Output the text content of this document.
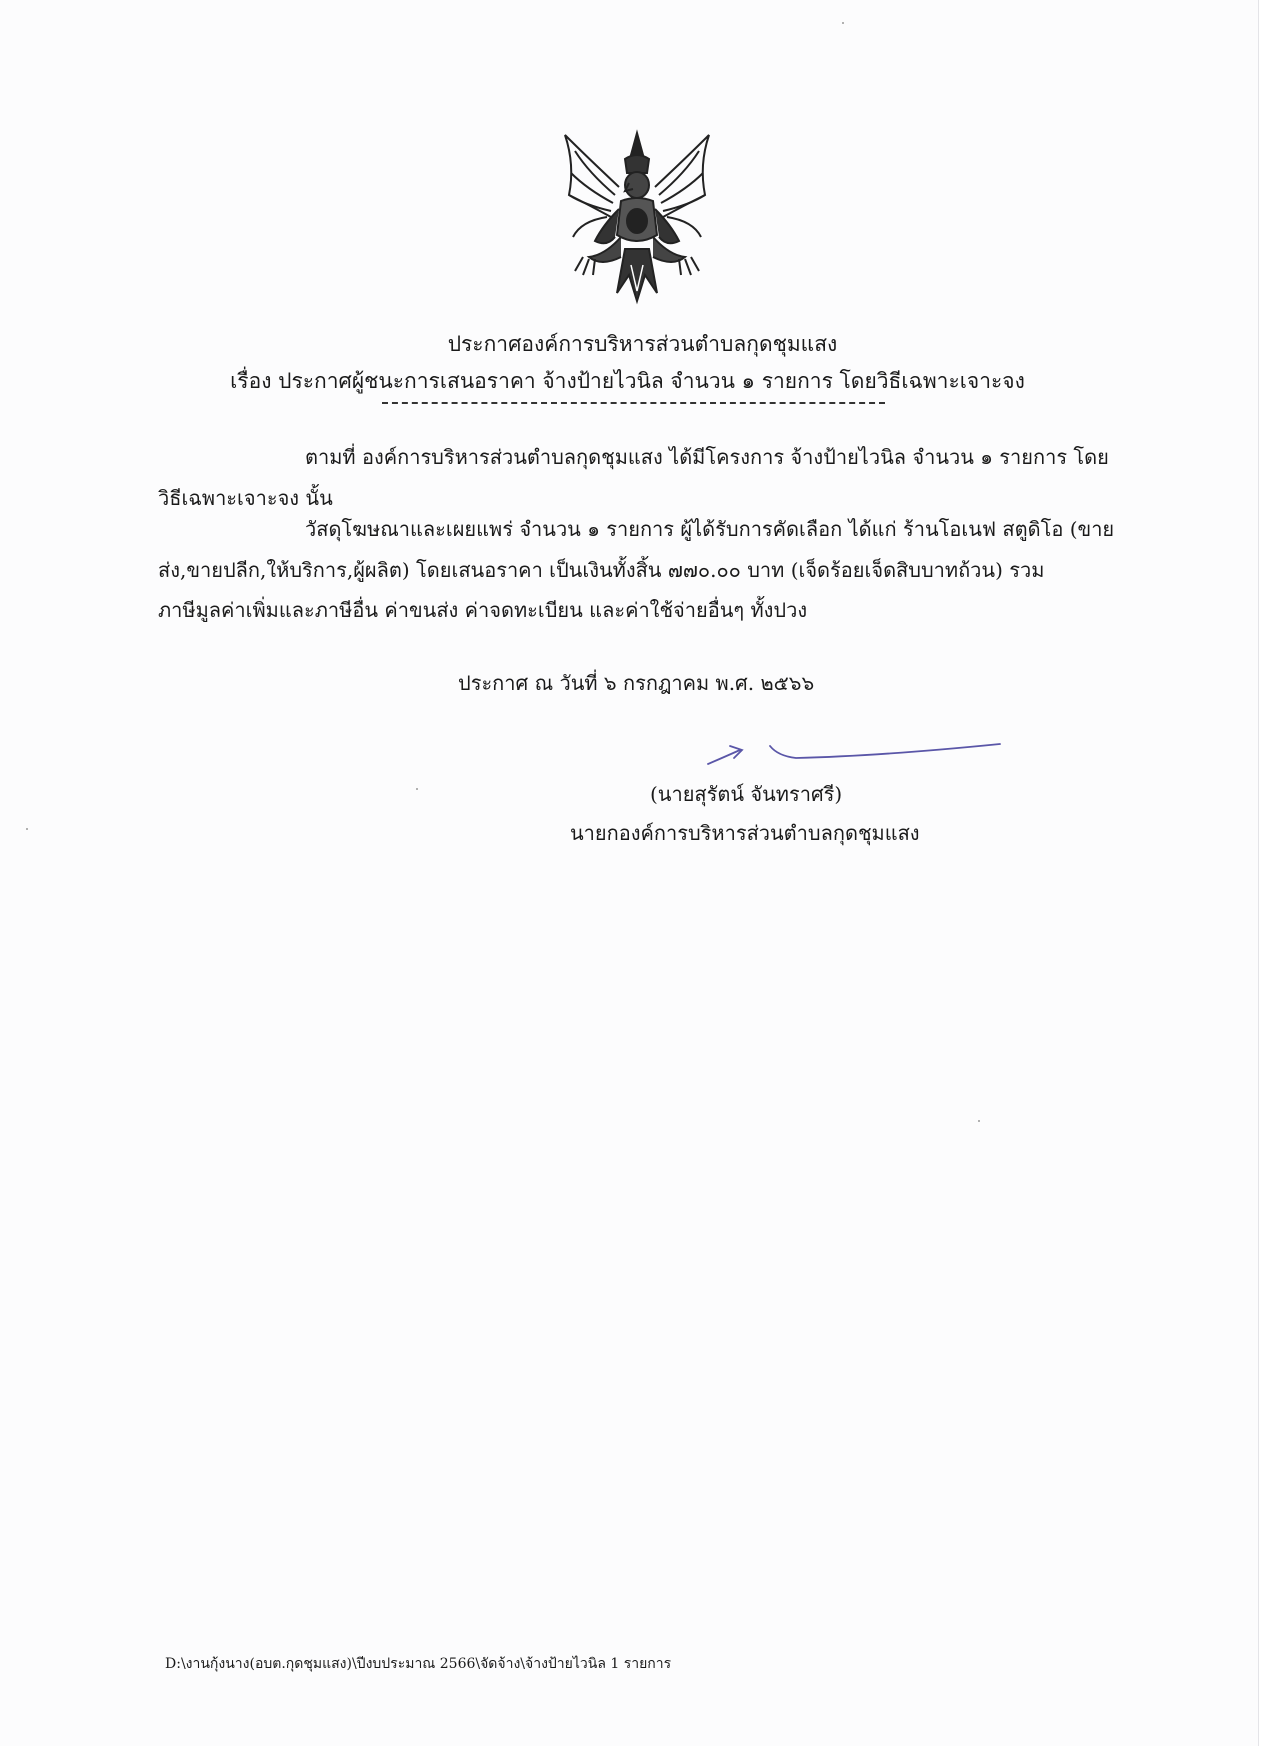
ประกาศองค์การบริหารส่วนตำบลกุดชุมแสง
เรื่อง ประกาศผู้ชนะการเสนอราคา จ้างป้ายไวนิล จำนวน ๑ รายการ โดยวิธีเฉพาะเจาะจง
ตามที่ องค์การบริหารส่วนตำบลกุดชุมแสง ได้มีโครงการ จ้างป้ายไวนิล จำนวน ๑ รายการ โดย
วิธีเฉพาะเจาะจง นั้น
วัสดุโฆษณาและเผยแพร่ จำนวน ๑ รายการ ผู้ได้รับการคัดเลือก ได้แก่ ร้านโอเนฟ สตูดิโอ (ขาย
ส่ง,ขายปลีก,ให้บริการ,ผู้ผลิต) โดยเสนอราคา เป็นเงินทั้งสิ้น ๗๗๐.๐๐ บาท (เจ็ดร้อยเจ็ดสิบบาทถ้วน) รวม
ภาษีมูลค่าเพิ่มและภาษีอื่น ค่าขนส่ง ค่าจดทะเบียน และค่าใช้จ่ายอื่นๆ ทั้งปวง
ประกาศ ณ วันที่ ๖ กรกฎาคม พ.ศ. ๒๕๖๖
(นายสุรัตน์ จันทราศรี)
นายกองค์การบริหารส่วนตำบลกุดชุมแสง
D:\งานกุ้งนาง(อบต.กุดชุมแสง)\ปีงบประมาณ 2566\จัดจ้าง\จ้างป้ายไวนิล 1 รายการ
